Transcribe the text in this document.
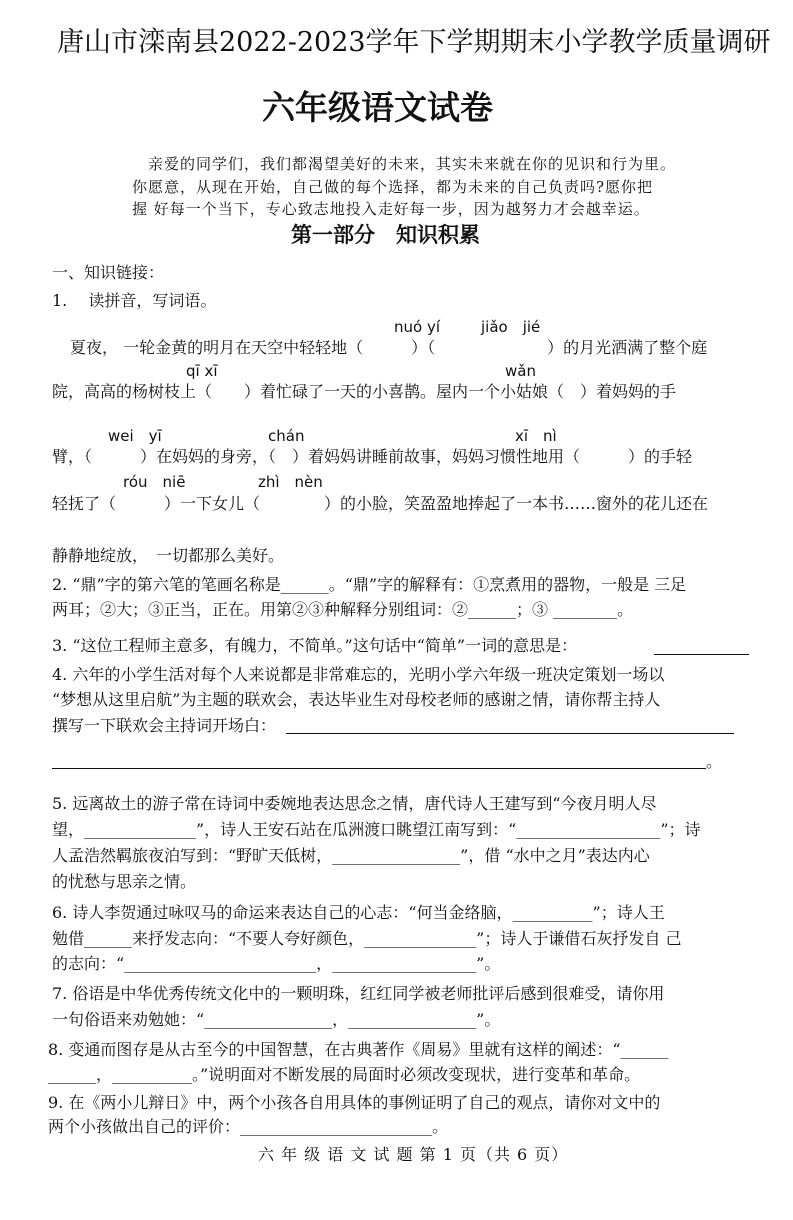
唐山市滦南县2022-2023学年下学期期末小学教学质量调研
六年级语文试卷
亲爱的同学们，我们都渴望美好的未来，其实未来就在你的见识和行为里。
你愿意，从现在开始，自己做的每个选择，都为未来的自己负责吗?愿你把
握 好每一个当下，专心致志地投入走好每一步，因为越努力才会越幸运。
第一部分　知识积累
一、知识链接：
1.　 读拼音，写词语。
nuó yí	jiǎo　jié
夏夜， 一轮金黄的明月在天空中轻轻地（　　　）（　　　　　　　）的月光洒满了整个庭
qī xī	wǎn
院，高高的杨树枝上（　　）着忙碌了一天的小喜鹊。屋内一个小姑娘（　）着妈妈的手
wei　yī	chán	xī　nì
臂，（　　　）在妈妈的身旁，（　）着妈妈讲睡前故事，妈妈习惯性地用（　　　）的手轻
róu　niē	zhì　nèn
轻抚了（　　　）一下女儿（　　　　）的小脸，笑盈盈地捧起了一本书……窗外的花儿还在
静静地绽放，　一切都那么美好。
2. “鼎”字的第六笔的笔画名称是______。“鼎”字的解释有：①烹煮用的器物，一般是 三足
两耳；②大；③正当，正在。用第②③种解释分别组词：②______；③ ________。
3. “这位工程师主意多，有魄力，不简单。”这句话中“简单”一词的意思是：
4. 六年的小学生活对每个人来说都是非常难忘的，光明小学六年级一班决定策划一场以
“梦想从这里启航”为主题的联欢会，表达毕业生对母校老师的感谢之情，请你帮主持人
撰写一下联欢会主持词开场白：
。
5. 远离故土的游子常在诗词中委婉地表达思念之情，唐代诗人王建写到“今夜月明人尽
望，______________”，诗人王安石站在瓜洲渡口眺望江南写到：“__________________”；诗
人孟浩然羁旅夜泊写到：“野旷天低树，________________”，借 “水中之月”表达内心
的忧愁与思亲之情。
6. 诗人李贺通过咏叹马的命运来表达自己的心志：“何当金络脑，__________”；诗人王
勉借______来抒发志向：“不要人夸好颜色，______________”；诗人于谦借石灰抒发自 己
的志向：“________________________，__________________”。
7. 俗语是中华优秀传统文化中的一颗明珠，红红同学被老师批评后感到很难受，请你用
一句俗语来劝勉她：“________________，________________”。
8. 变通而图存是从古至今的中国智慧，在古典著作《周易》里就有这样的阐述：“______
______，__________。”说明面对不断发展的局面时必须改变现状，进行变革和革命。
9. 在《两小儿辩日》中，两个小孩各自用具体的事例证明了自己的观点，请你对文中的
两个小孩做出自己的评价：________________________。
六 年 级 语 文 试 题 第 1 页（共 6 页）
